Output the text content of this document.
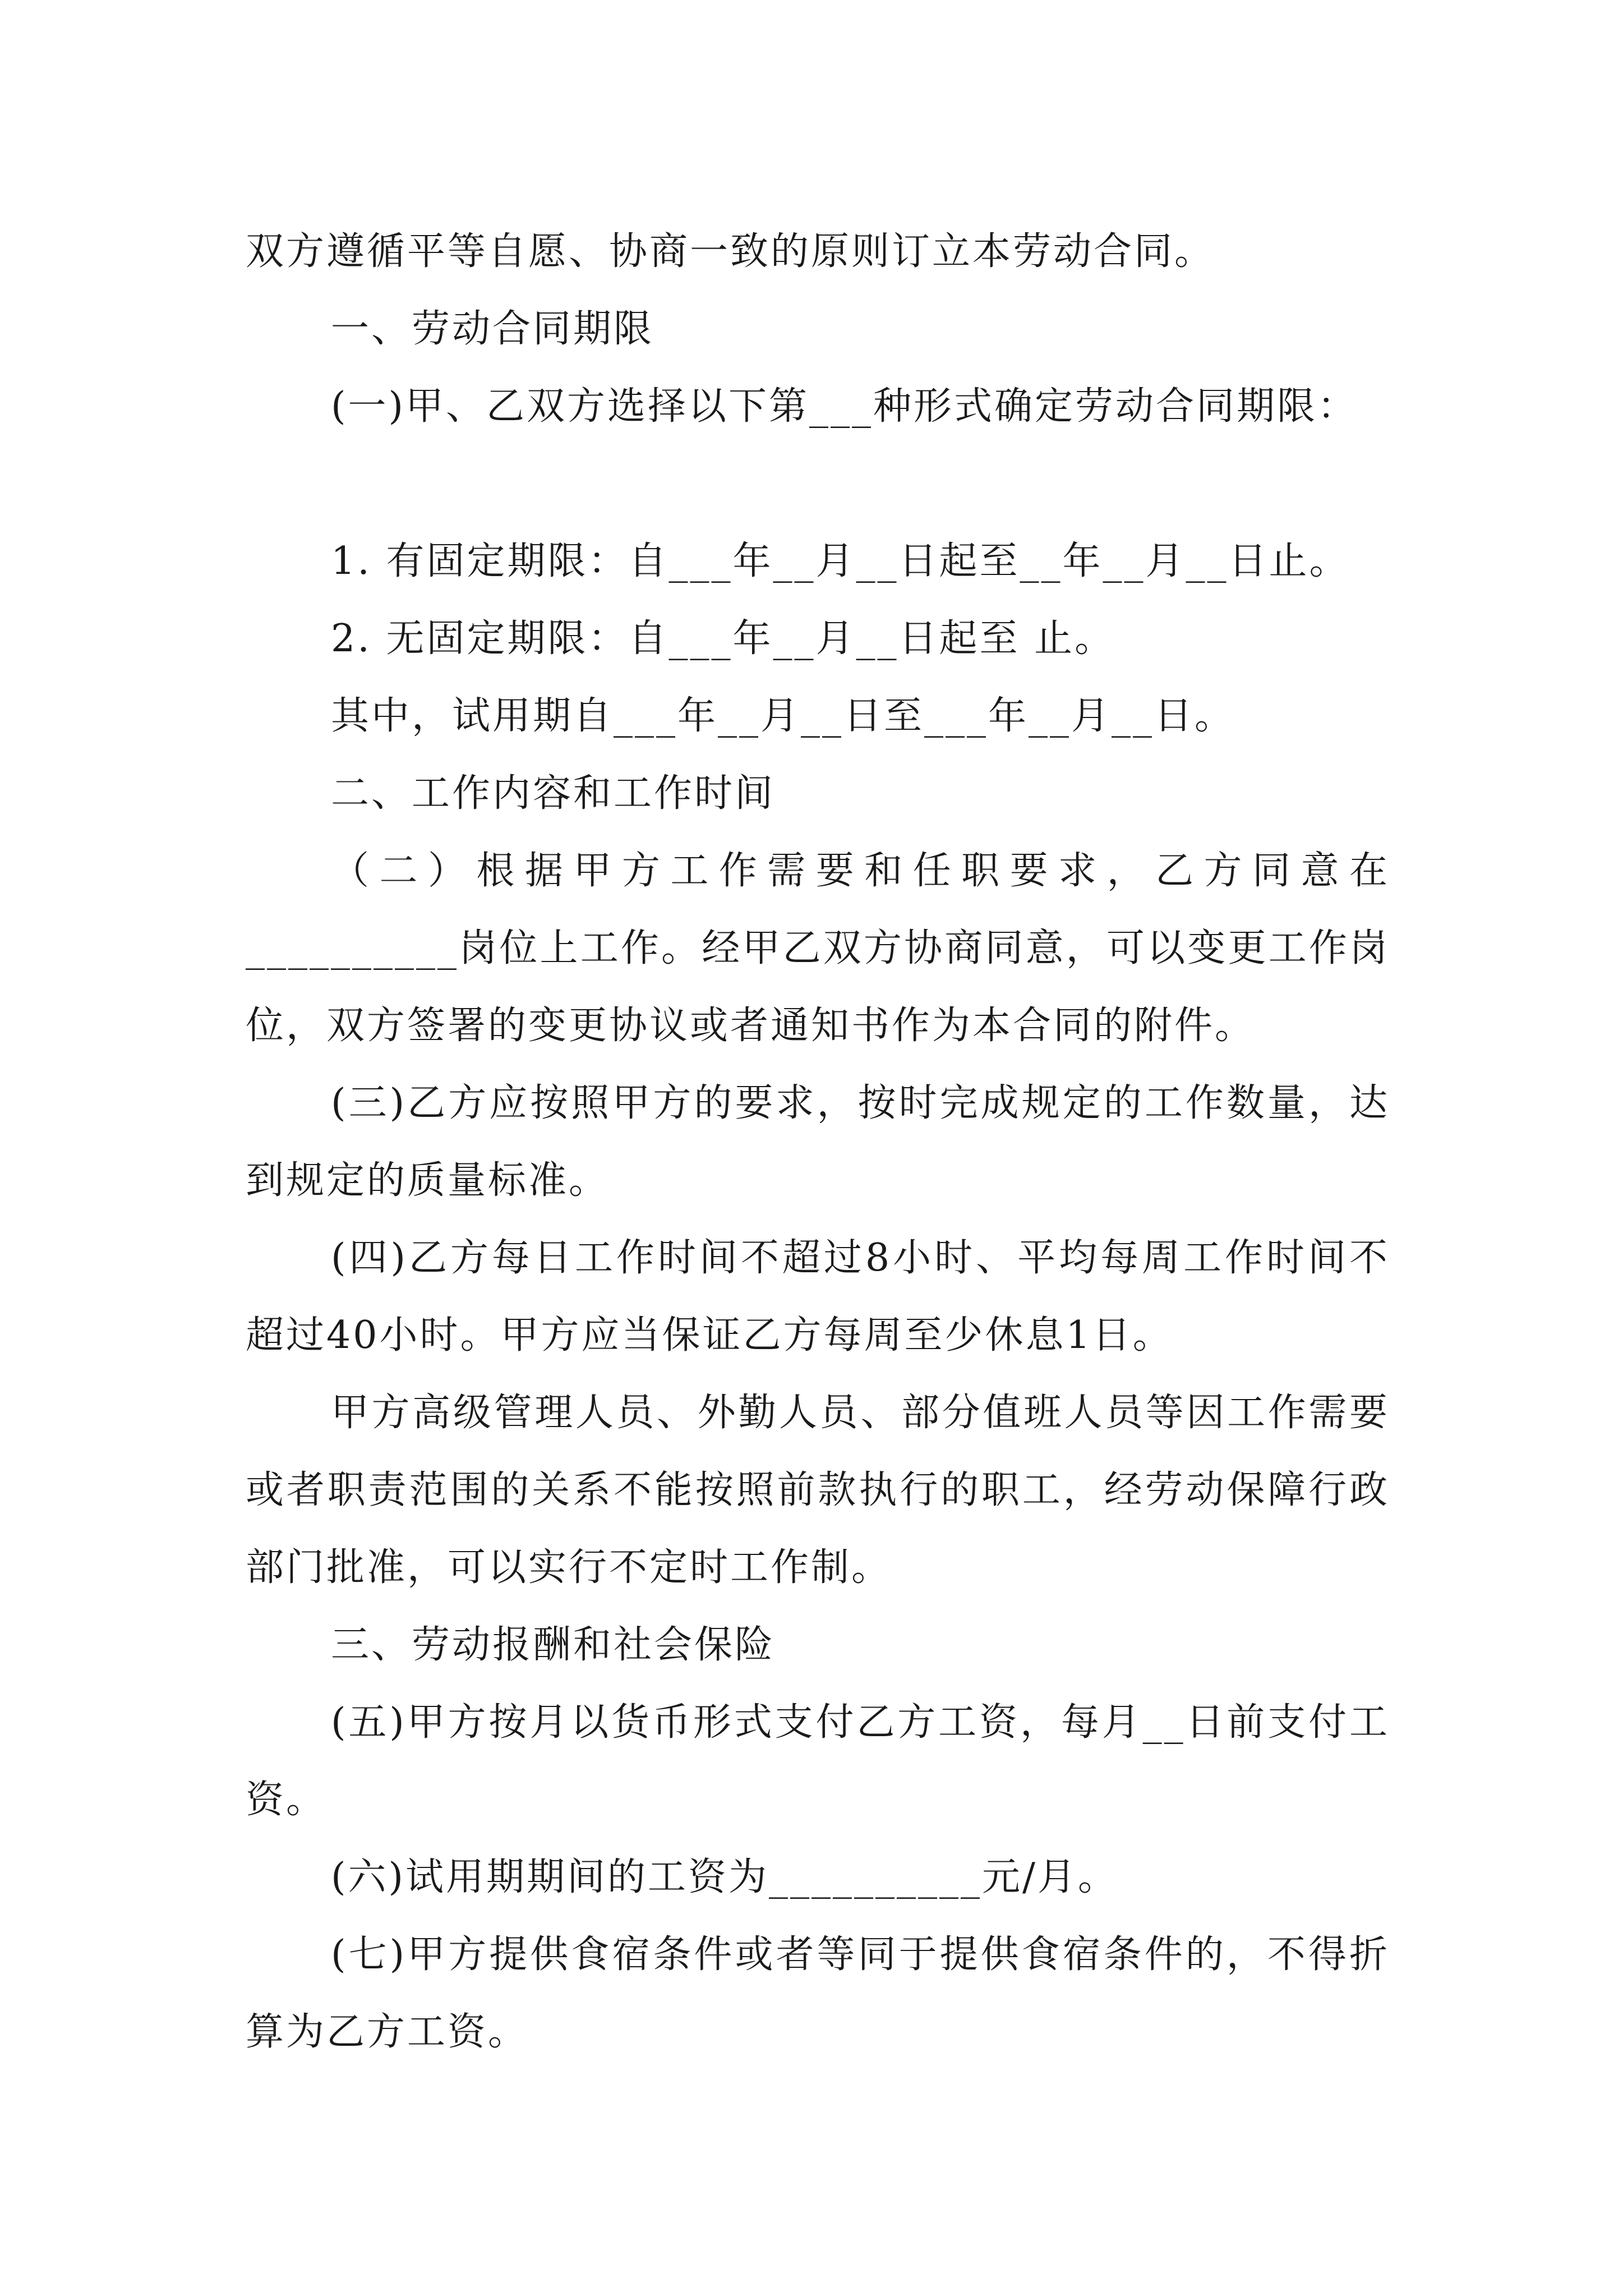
双方遵循平等自愿、协商一致的原则订立本劳动合同。

一、劳动合同期限

(一)甲、乙双方选择以下第___种形式确定劳动合同期限：

1. 有固定期限：自___年__月__日起至__年__月__日止。

2. 无固定期限：自___年__月__日起至 止。

其中，试用期自___年__月__日至___年__月__日。

二、工作内容和工作时间

（二）根据甲方工作需要和任职要求，乙方同意在__________岗位上工作。经甲乙双方协商同意，可以变更工作岗位，双方签署的变更协议或者通知书作为本合同的附件。

(三)乙方应按照甲方的要求，按时完成规定的工作数量，达到规定的质量标准。

(四)乙方每日工作时间不超过8小时、平均每周工作时间不超过40小时。甲方应当保证乙方每周至少休息1日。

甲方高级管理人员、外勤人员、部分值班人员等因工作需要或者职责范围的关系不能按照前款执行的职工，经劳动保障行政部门批准，可以实行不定时工作制。

三、劳动报酬和社会保险

(五)甲方按月以货币形式支付乙方工资，每月__日前支付工资。

(六)试用期期间的工资为__________元/月。

(七)甲方提供食宿条件或者等同于提供食宿条件的，不得折算为乙方工资。
